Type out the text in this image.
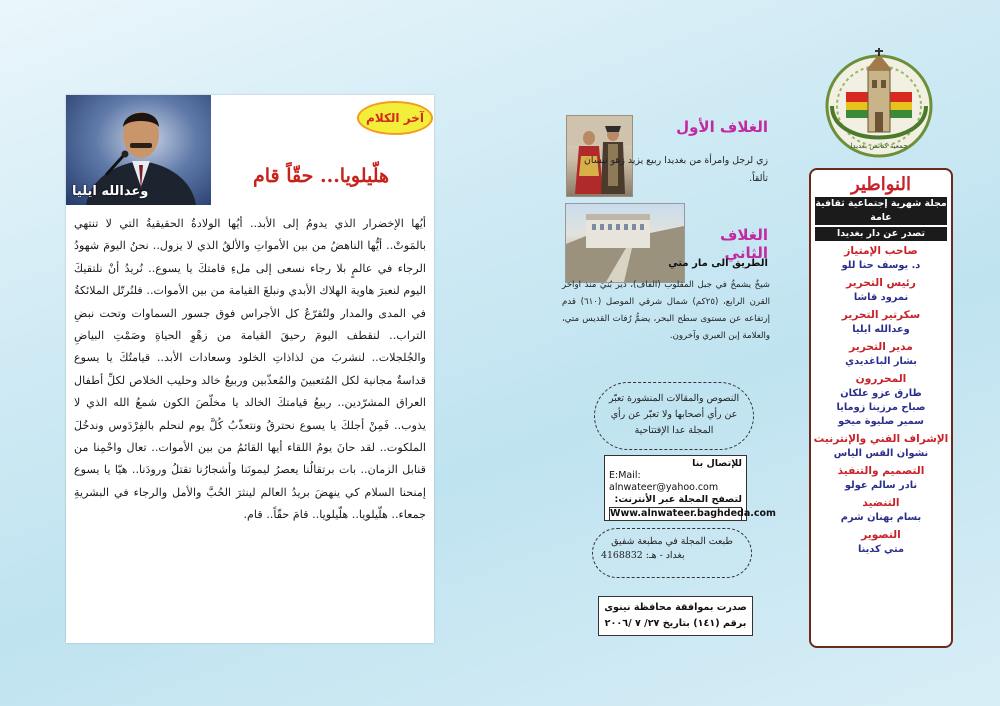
وعدالله ايليا
آخر الكلام
هلّيلويا... حقّاً قام
أيُها الإخضرار الذي يدومُ إلى الأبد.. أيُها الولادةُ الحقيقيةُ التي لا تنتهي بالمَوتْ.. أيُّها الناهضُ من بين الأمواتِ والألقُ الذي لا يزول.. نحنُ اليومَ شهودُ الرجاء في عالمٍ بلا رجاء نسعى إلى ملءِ قامتكَ يا يسوع.. نُريدُ أنْ نلتقيكَ اليوم لنعبرَ هاوية الهلاك الأبدي ونبلغَ القيامة من بين الأموات.. فلنُرتّل الملائكةُ في المدى والمدار ولتُقرّعُ كل الأجراس فوق جسور السماوات وتحت نبضِ التراب.. لنقطف اليومَ رحيقَ القيامة من زهْوِ الحياةِ وصَمْتِ البياضِ والجُلجلات.. لنشربَ من لذاذاتِ الخلود وسعادات الأبد.. قيامتُكَ يا يسوع قداسةٌ مجانية لكل المُتعبينَ والمُعذّبين وربيعٌ خالد وحليب الخلاص لكلِّ أطفال العراق المشرّدين.. ربيعُ قيامتكَ الخالد يا مخلّصَ الكون شمعُ الله الذي لا يذوب.. فَمِنْ أجلكَ يا يسوع نحترقُ ونتعذّبُ كُلَّ يوم لنحلم بالفِرْدَوس وندخُلَ الملكوت.. لقد حانَ يومُ اللقاء أيها القائمُ من بين الأموات.. تعال واحْمِنا من قنابل الزمان.. بات برتقالُنا يعصرُ ليمونَنا وأشجارُنا تقتلُ ورودَنا.. هيّا يا يسوع إمنحنا السلام كي ينهضَ بريدُ العالم لينثرَ الحُبَّ والأمل والرجاء في البشريةِ جمعاء.. هلّيلويا.. هلّيلويا.. قامَ حقّاً.. قام.
الغلاف الأول
زي لرجل وامرأة من بغديدا ربيع يزيد زهو نيسان تألقاً.
الغلاف الثاني
الطريق الى مار متي
شيخٌ يشمخُ في جبل المقلوب (الفاف)، دير بُنيَ منذ اواخر القرن الرابع، (٢٥كم) شمال شرقي الموصل (٦١٠) قدم إرتفاعه عن مستوى سطح البحر، يضمُّ رُفات القديس متي، والعلامة إبن العبري وآخرون.
النصوص والمقالات المنشورة تعبّر عن رأي أصحابها ولا تعبّر عن رأي المجلة عدا الإفتتاحية
للإتصال بنا
E:Mail: alnwateer@yahoo.com
لتصفح المجلة عبر الأنترنت:
Www.alnwateer.baghdeda.com
طبعت المجلة في مطبعة شفيق
بغداد - هـ: 4168832
صدرت بموافقة محافظة نينوى
برقم (١٤١) بتاريخ ٢٧/ ٧ /٢٠٠٦
جمعية كنائس بغديدا
النواطير
مجلة شهرية إجتماعية ثقافية عامة
تصدر عن دار بغديدا
صاحب الإمتياز
د. يوسف حنا للو
رئيس التحرير
نمرود قاشا
سكرتير التحرير
وعدالله ايليا
مدير التحرير
بشار الباغديدي
المحررون
طارق عزو علكان
صباح مرزينا زومايا
سمير صليوة ميخو
الإشراف الفني والإنترنيت
نشوان القس الياس
التصميم والتنفيذ
نادر سالم عولو
التنضيد
بسام بهنان شرم
التصوير
متي كدينا
